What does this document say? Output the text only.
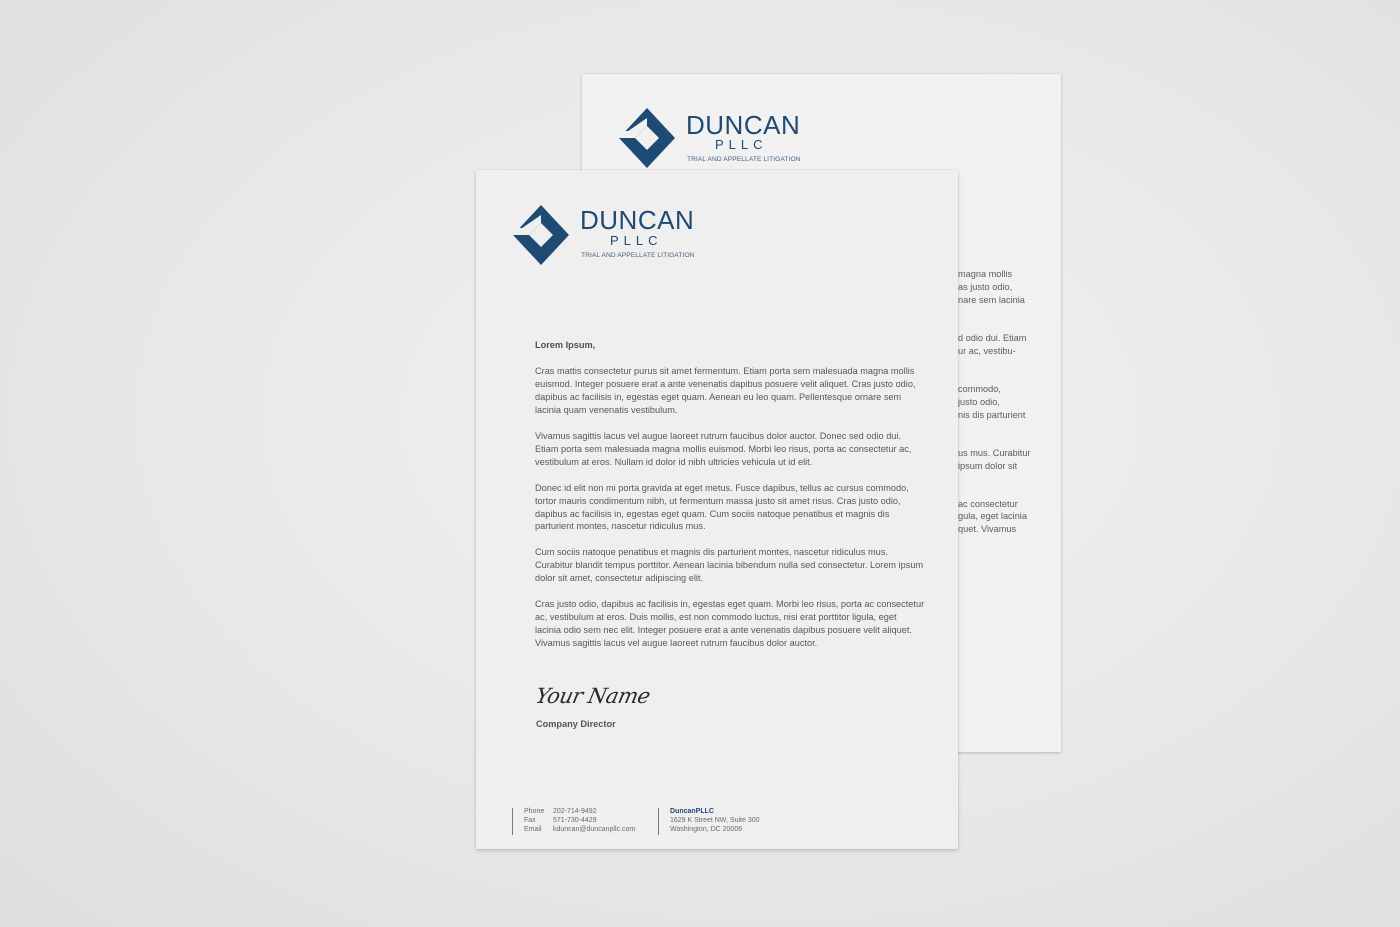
DUNCAN
PLLC
TRIAL AND APPELLATE LITIGATION
magna mollis
as justo odio,
nare sem lacinia
d odio dui. Etiam
ur ac, vestibu-
commodo,
justo odio,
nis dis parturient
us mus. Curabitur
ipsum dolor sit
ac consectetur
gula, eget lacinia
quet. Vivamus
DUNCAN
PLLC
TRIAL AND APPELLATE LITIGATION

Lorem Ipsum,

Cras mattis consectetur purus sit amet fermentum. Etiam porta sem malesuada magna mollis euismod. Integer posuere erat a ante venenatis dapibus posuere velit aliquet. Cras justo odio, dapibus ac facilisis in, egestas eget quam. Aenean eu leo quam. Pellentesque ornare sem lacinia quam venenatis vestibulum.

Vivamus sagittis lacus vel augue laoreet rutrum faucibus dolor auctor. Donec sed odio dui. Etiam porta sem malesuada magna mollis euismod. Morbi leo risus, porta ac consectetur ac, vestibulum at eros. Nullam id dolor id nibh ultricies vehicula ut id elit.

Donec id elit non mi porta gravida at eget metus. Fusce dapibus, tellus ac cursus commodo, tortor mauris condimentum nibh, ut fermentum massa justo sit amet risus. Cras justo odio, dapibus ac facilisis in, egestas eget quam. Cum sociis natoque penatibus et magnis dis parturient montes, nascetur ridiculus mus.

Cum sociis natoque penatibus et magnis dis parturient montes, nascetur ridiculus mus. Curabitur blandit tempus porttitor. Aenean lacinia bibendum nulla sed consectetur. Lorem ipsum dolor sit amet, consectetur adipiscing elit.

Cras justo odio, dapibus ac facilisis in, egestas eget quam. Morbi leo risus, porta ac consectetur ac, vestibulum at eros. Duis mollis, est non commodo luctus, nisi erat porttitor ligula, eget lacinia odio sem nec elit. Integer posuere erat a ante venenatis dapibus posuere velit aliquet. Vivamus sagittis lacus vel augue laoreet rutrum faucibus dolor auctor.

Your Name
Company Director
Phone 202-714-9492
Fax 571-730-4429
Email kduncan@duncanpllc.com
DuncanPLLC
1629 K Street NW, Suite 300
Washington, DC 20006
